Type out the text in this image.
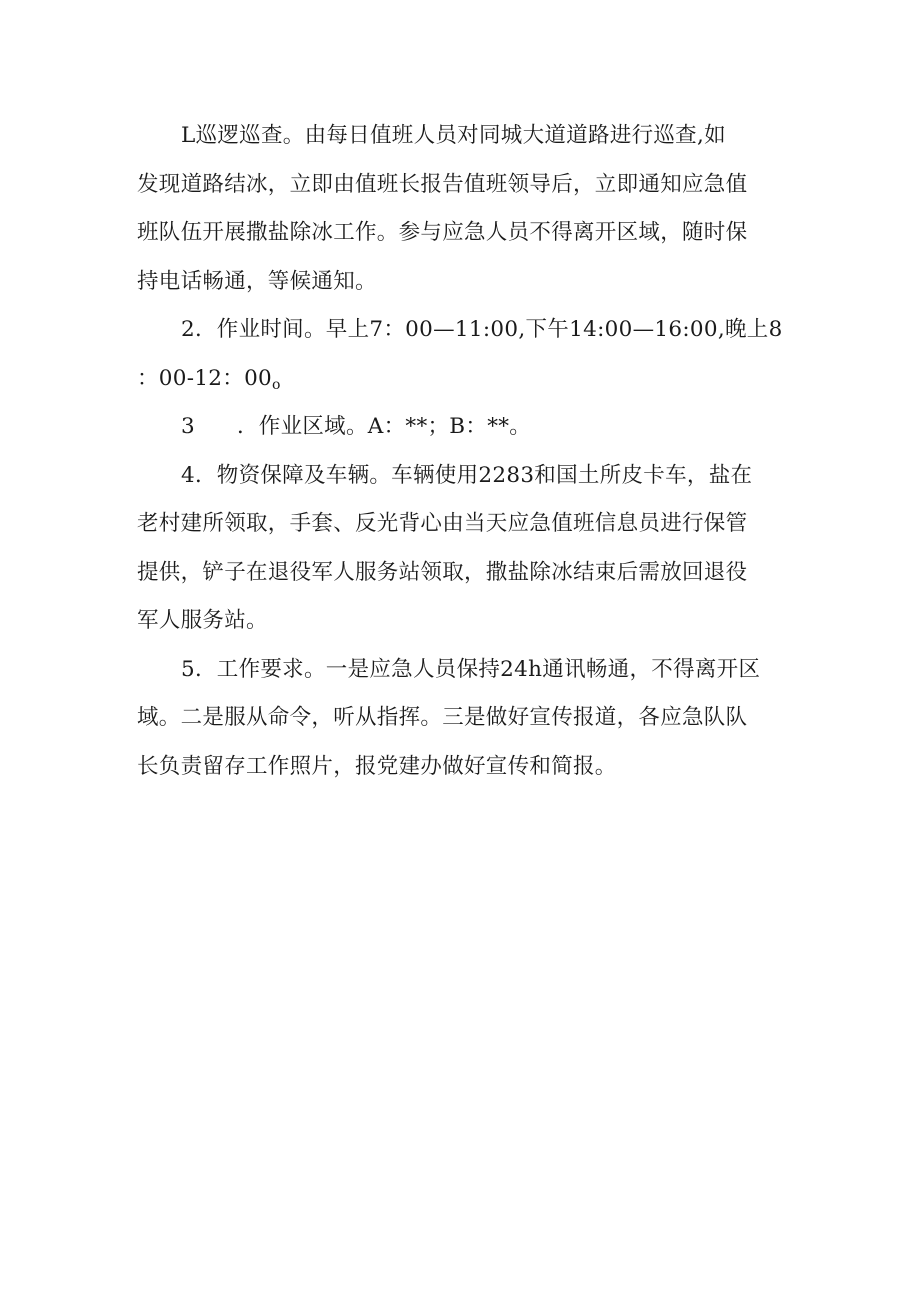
L巡逻巡查。由每日值班人员对同城大道道路进行巡查,如
发现道路结冰，立即由值班长报告值班领导后，立即通知应急值
班队伍开展撒盐除冰工作。参与应急人员不得离开区域，随时保
持电话畅通，等候通知。
2．作业时间。早上7：00—11:00,下午14:00—16:00,晚上8
：00-12：$00_o$
3 ．作业区域。A：**；B：**。
4．物资保障及车辆。车辆使用2283和国土所皮卡车，盐在
老村建所领取，手套、反光背心由当天应急值班信息员进行保管
提供，铲子在退役军人服务站领取，撒盐除冰结束后需放回退役
军人服务站。
5．工作要求。一是应急人员保持24h通讯畅通，不得离开区
域。二是服从命令，听从指挥。三是做好宣传报道，各应急队队
长负责留存工作照片，报党建办做好宣传和简报。
